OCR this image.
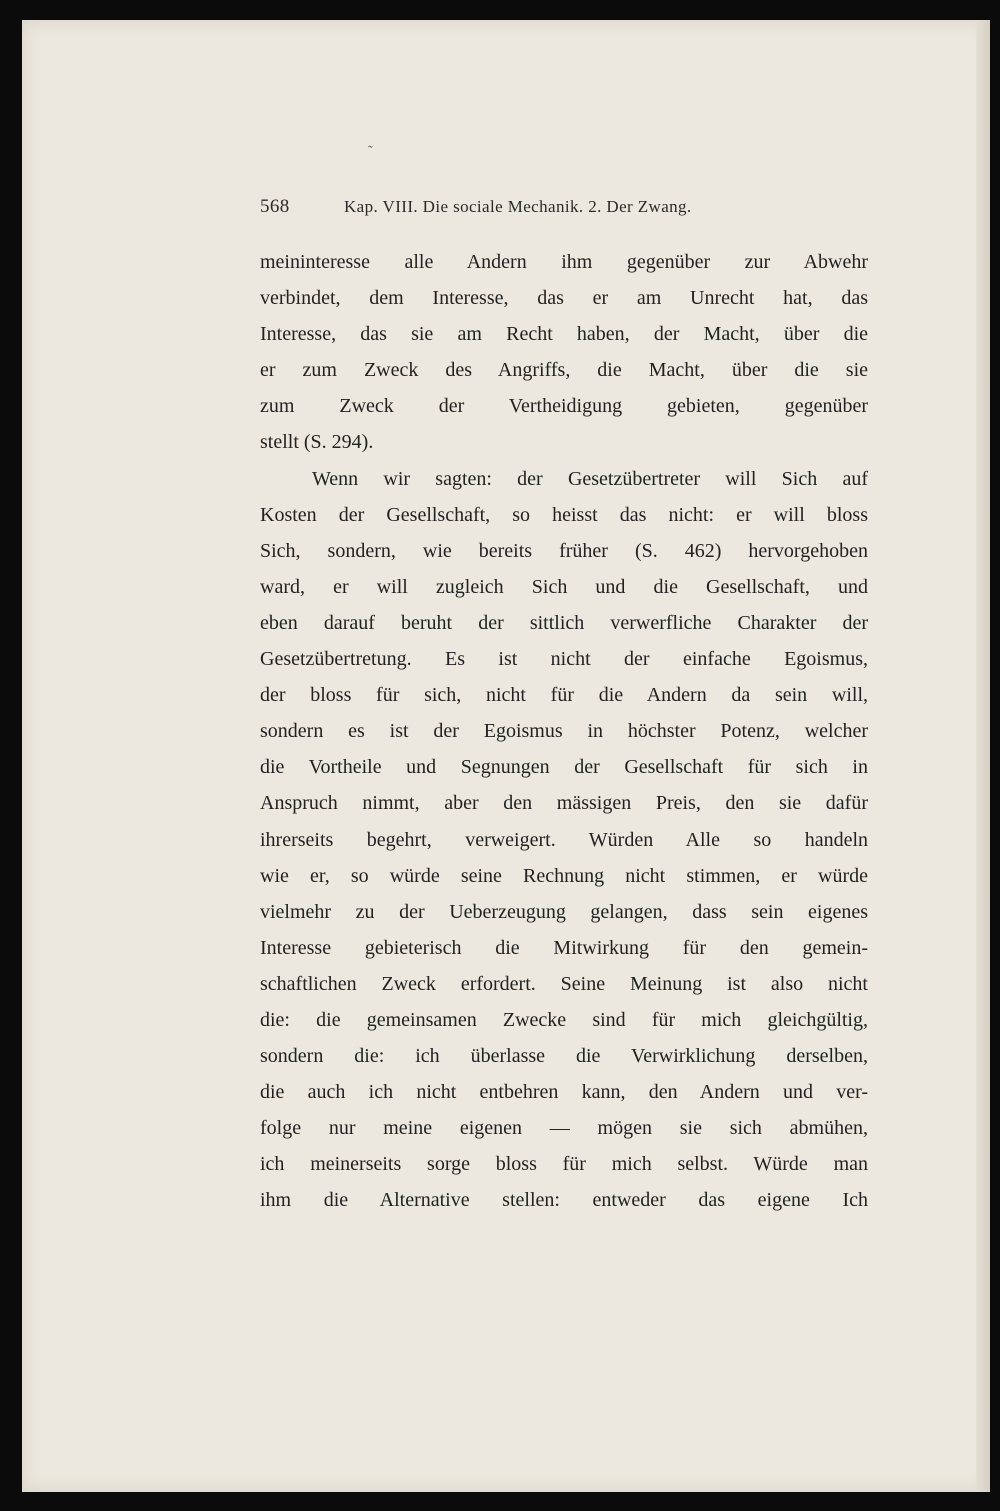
˜
568	Kap. VIII. Die sociale Mechanik. 2. Der Zwang.
meininteresse alle Andern ihm gegenüber zur Abwehr
verbindet, dem Interesse, das er am Unrecht hat, das
Interesse, das sie am Recht haben, der Macht, über die
er zum Zweck des Angriffs, die Macht, über die sie
zum Zweck der Vertheidigung gebieten, gegenüber
stellt (S. 294).
Wenn wir sagten: der Gesetzübertreter will Sich auf
Kosten der Gesellschaft, so heisst das nicht: er will bloss
Sich, sondern, wie bereits früher (S. 462) hervorgehoben
ward, er will zugleich Sich und die Gesellschaft, und
eben darauf beruht der sittlich verwerfliche Charakter der
Gesetzübertretung. Es ist nicht der einfache Egoismus,
der bloss für sich, nicht für die Andern da sein will,
sondern es ist der Egoismus in höchster Potenz, welcher
die Vortheile und Segnungen der Gesellschaft für sich in
Anspruch nimmt, aber den mässigen Preis, den sie dafür
ihrerseits begehrt, verweigert. Würden Alle so handeln
wie er, so würde seine Rechnung nicht stimmen, er würde
vielmehr zu der Ueberzeugung gelangen, dass sein eigenes
Interesse gebieterisch die Mitwirkung für den gemein-
schaftlichen Zweck erfordert. Seine Meinung ist also nicht
die: die gemeinsamen Zwecke sind für mich gleichgültig,
sondern die: ich überlasse die Verwirklichung derselben,
die auch ich nicht entbehren kann, den Andern und ver-
folge nur meine eigenen — mögen sie sich abmühen,
ich meinerseits sorge bloss für mich selbst. Würde man
ihm die Alternative stellen: entweder das eigene Ich
